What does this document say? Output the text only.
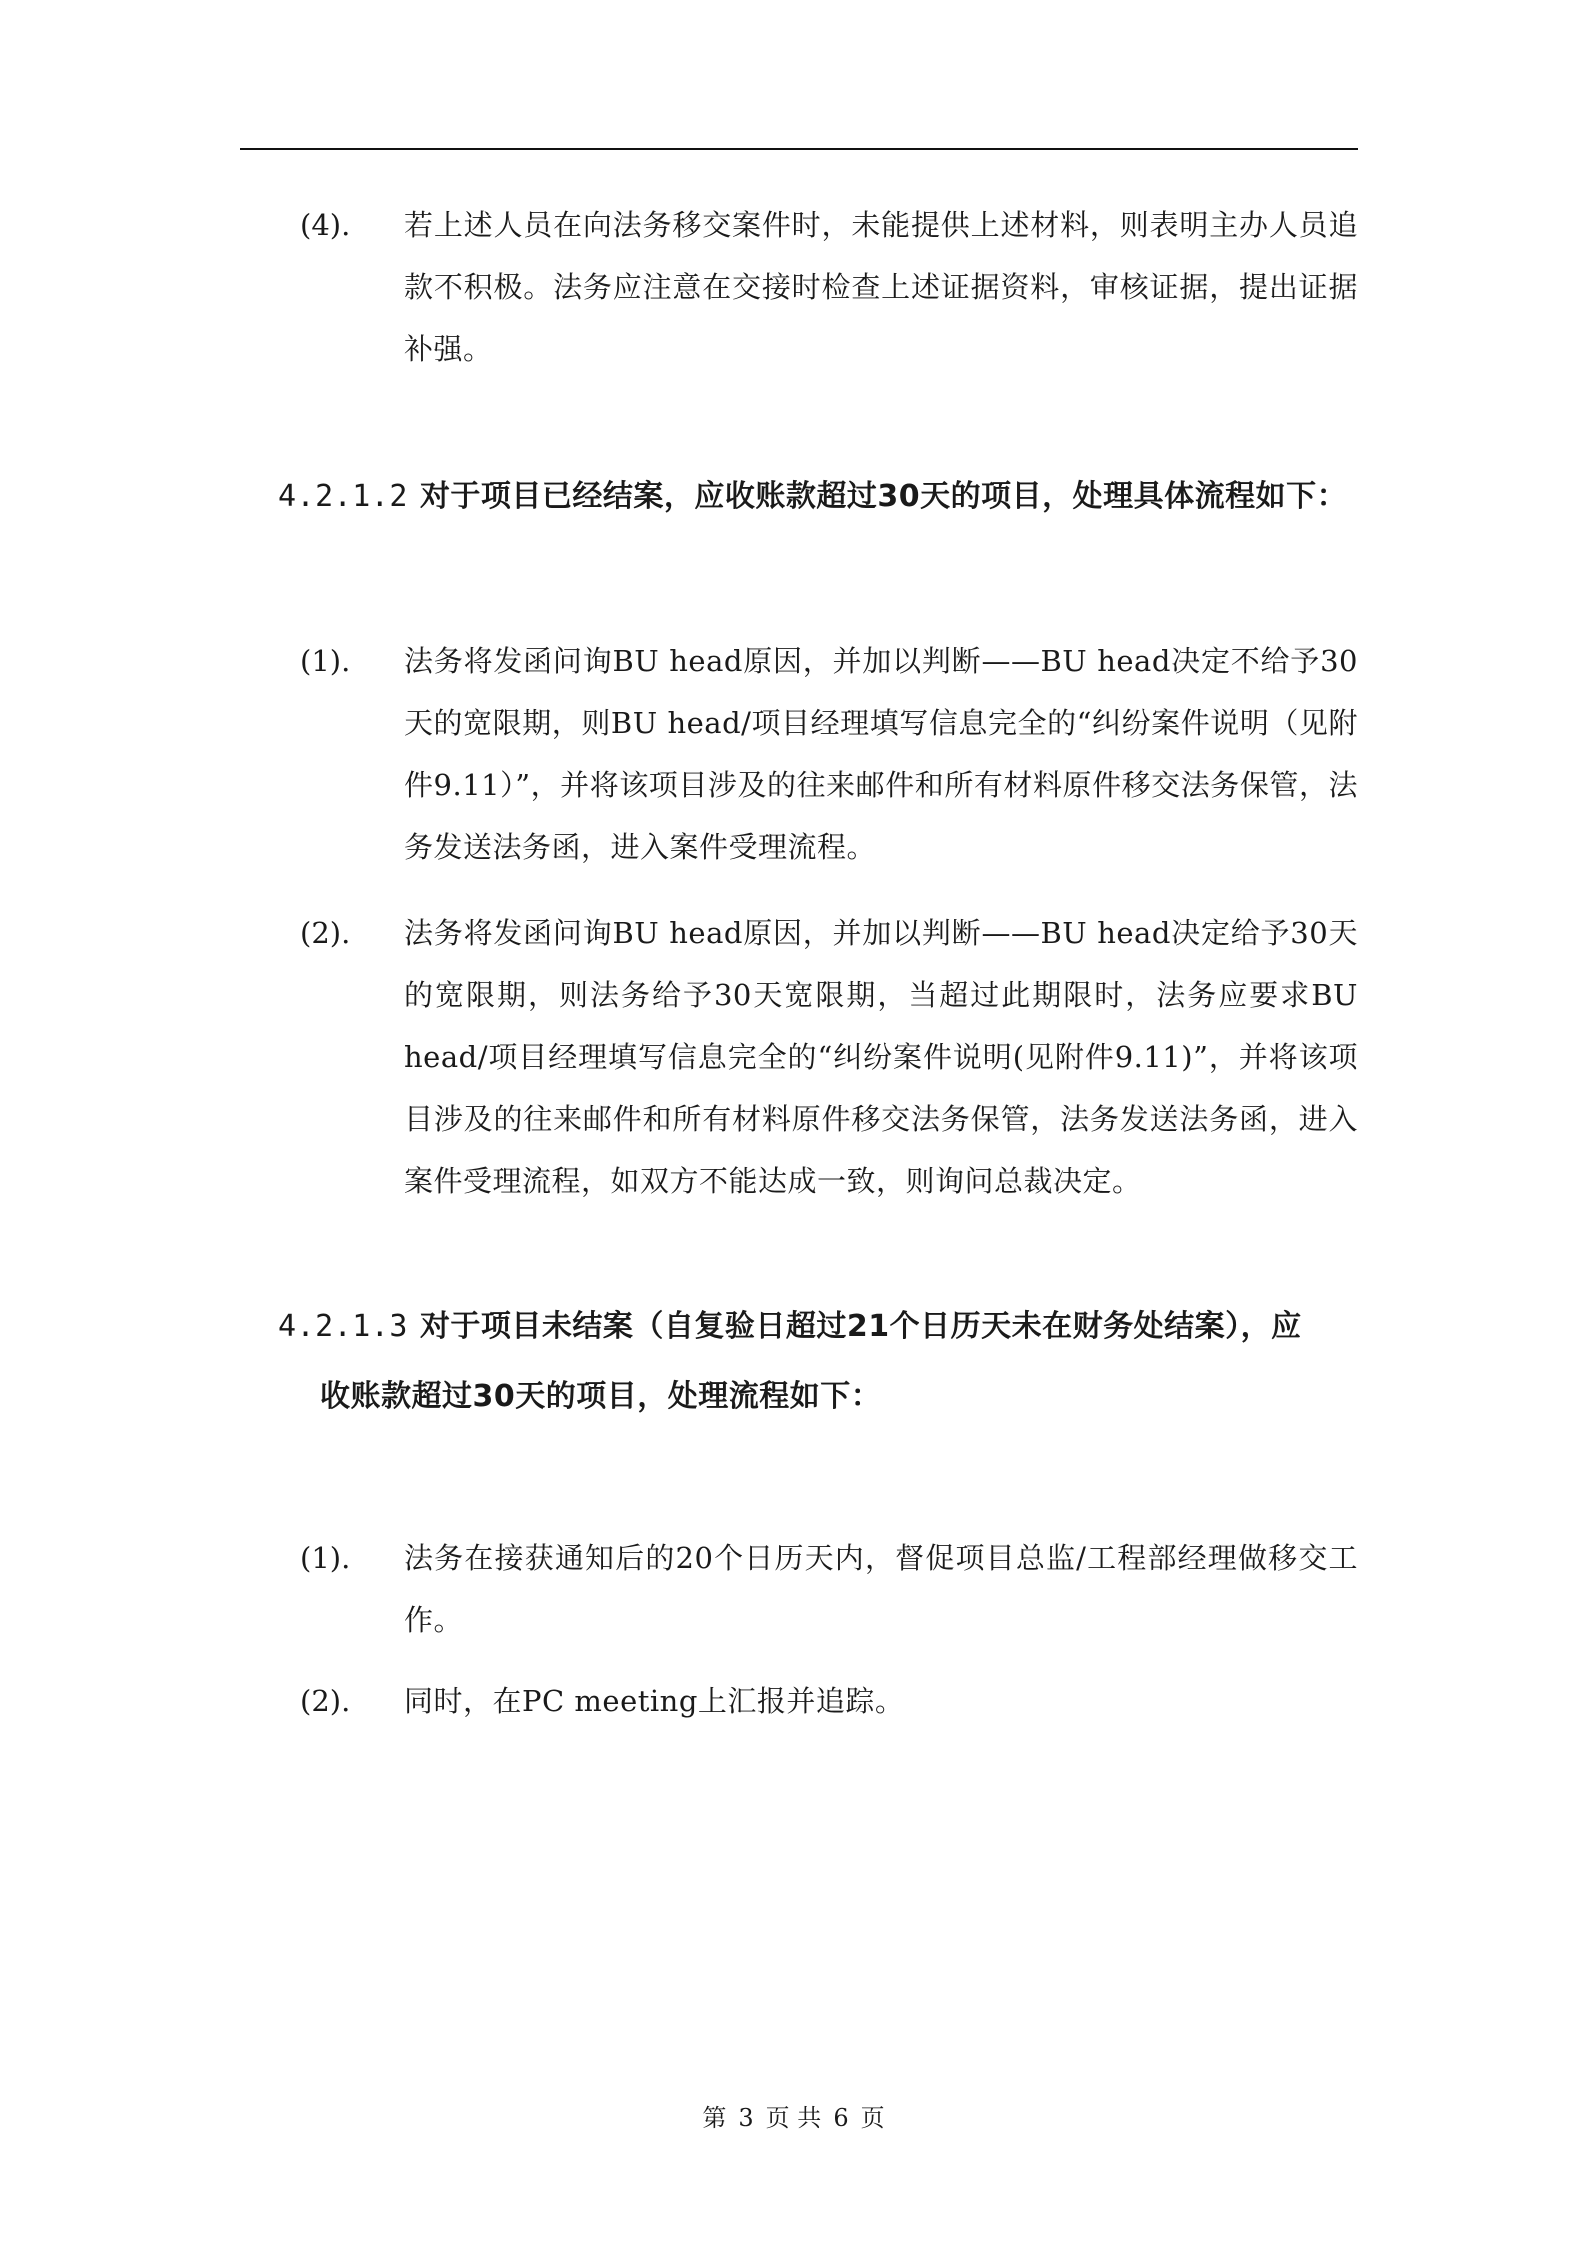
(4).	若上述人员在向法务移交案件时，未能提供上述材料，则表明主办人员追款不积极。法务应注意在交接时检查上述证据资料，审核证据，提出证据补强。
4.2.1.2 对于项目已经结案，应收账款超过30天的项目，处理具体流程如下：
(1).	法务将发函问询BU head原因，并加以判断——BU head决定不给予30天的宽限期，则BU head/项目经理填写信息完全的“纠纷案件说明（见附件9.11）”，并将该项目涉及的往来邮件和所有材料原件移交法务保管，法务发送法务函，进入案件受理流程。
(2).	法务将发函问询BU head原因，并加以判断——BU head决定给予30天的宽限期，则法务给予30天宽限期，当超过此期限时，法务应要求BU head/项目经理填写信息完全的“纠纷案件说明(见附件9.11)”，并将该项目涉及的往来邮件和所有材料原件移交法务保管，法务发送法务函，进入案件受理流程，如双方不能达成一致，则询问总裁决定。
4.2.1.3 对于项目未结案（自复验日超过21个日历天未在财务处结案），应
收账款超过30天的项目，处理流程如下：
(1).	法务在接获通知后的20个日历天内，督促项目总监/工程部经理做移交工作。
(2).	同时，在PC meeting上汇报并追踪。
第 3 页 共 6 页
